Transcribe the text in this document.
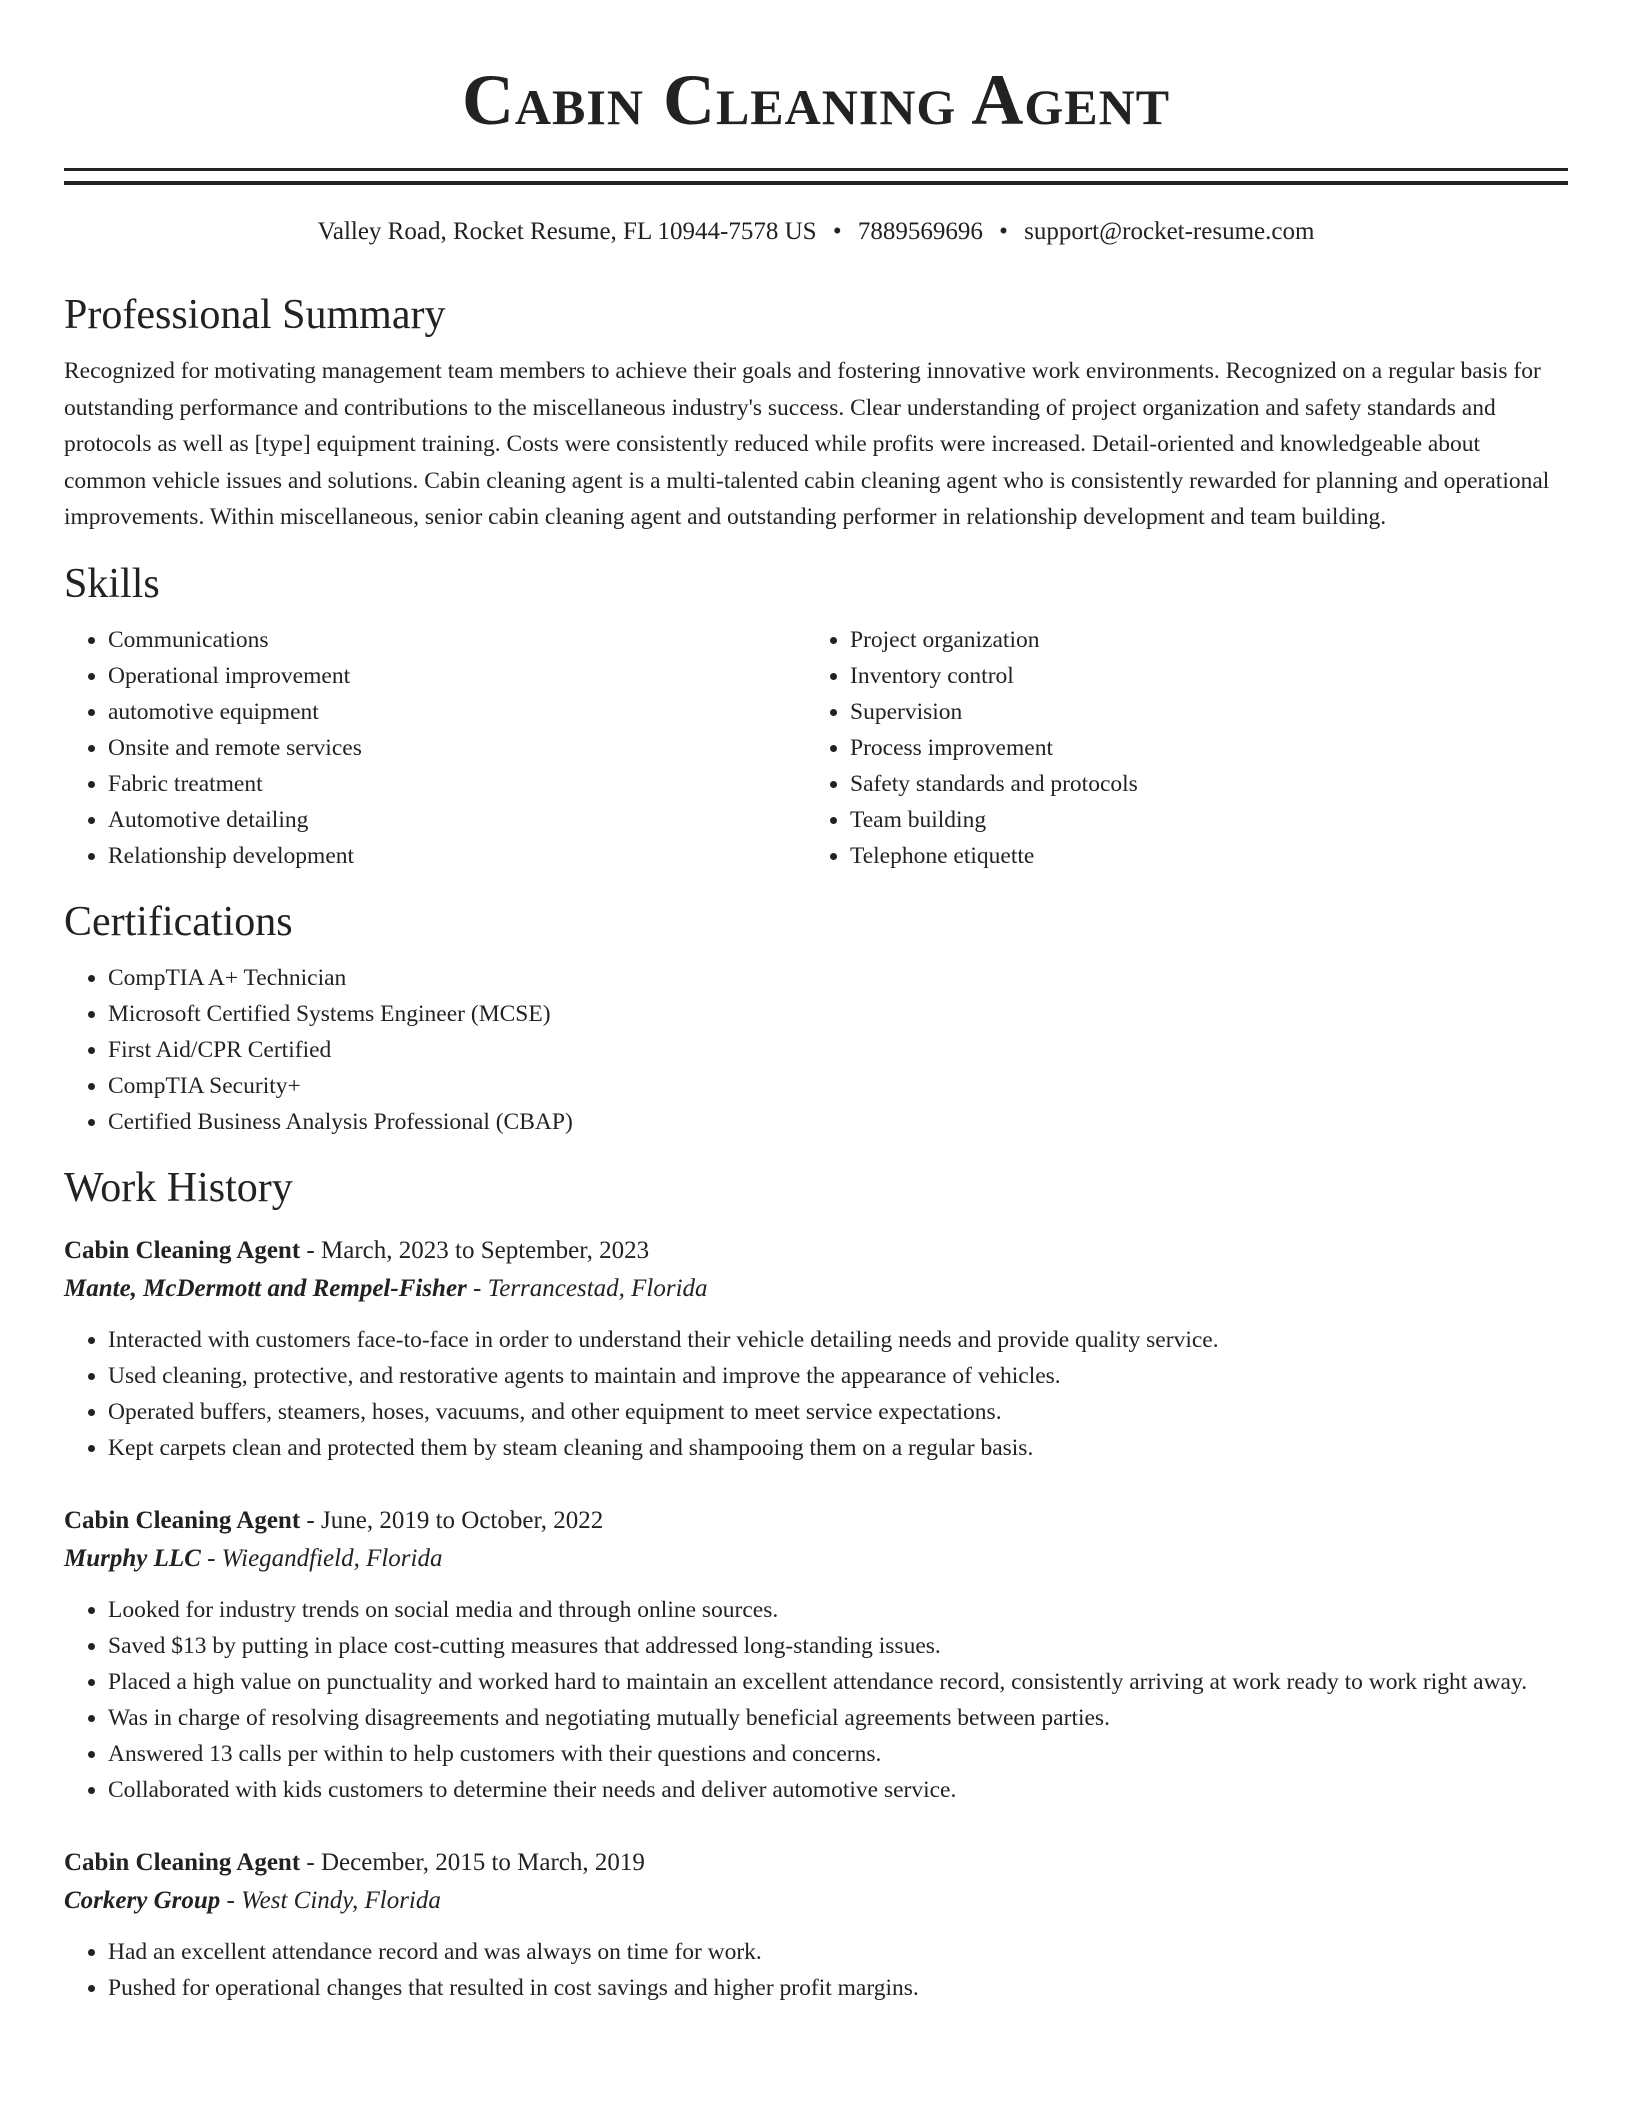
Cabin Cleaning Agent
Valley Road, Rocket Resume, FL 10944-7578 US • 7889569696 • support@rocket-resume.com
Professional Summary

Recognized for motivating management team members to achieve their goals and fostering innovative work environments. Recognized on a regular basis for outstanding performance and contributions to the miscellaneous industry's success. Clear understanding of project organization and safety standards and protocols as well as [type] equipment training. Costs were consistently reduced while profits were increased. Detail-oriented and knowledgeable about common vehicle issues and solutions. Cabin cleaning agent is a multi-talented cabin cleaning agent who is consistently rewarded for planning and operational improvements. Within miscellaneous, senior cabin cleaning agent and outstanding performer in relationship development and team building.

Skills
• Communications
• Operational improvement
• automotive equipment
• Onsite and remote services
• Fabric treatment
• Automotive detailing
• Relationship development
• Project organization
• Inventory control
• Supervision
• Process improvement
• Safety standards and protocols
• Team building
• Telephone etiquette
Certifications
• CompTIA A+ Technician
• Microsoft Certified Systems Engineer (MCSE)
• First Aid/CPR Certified
• CompTIA Security+
• Certified Business Analysis Professional (CBAP)
Work History
Cabin Cleaning Agent - March, 2023 to September, 2023
Mante, McDermott and Rempel-Fisher - Terrancestad, Florida
• Interacted with customers face-to-face in order to understand their vehicle detailing needs and provide quality service.
• Used cleaning, protective, and restorative agents to maintain and improve the appearance of vehicles.
• Operated buffers, steamers, hoses, vacuums, and other equipment to meet service expectations.
• Kept carpets clean and protected them by steam cleaning and shampooing them on a regular basis.
Cabin Cleaning Agent - June, 2019 to October, 2022
Murphy LLC - Wiegandfield, Florida
• Looked for industry trends on social media and through online sources.
• Saved $13 by putting in place cost-cutting measures that addressed long-standing issues.
• Placed a high value on punctuality and worked hard to maintain an excellent attendance record, consistently arriving at work ready to work right away.
• Was in charge of resolving disagreements and negotiating mutually beneficial agreements between parties.
• Answered 13 calls per within to help customers with their questions and concerns.
• Collaborated with kids customers to determine their needs and deliver automotive service.
Cabin Cleaning Agent - December, 2015 to March, 2019
Corkery Group - West Cindy, Florida
• Had an excellent attendance record and was always on time for work.
• Pushed for operational changes that resulted in cost savings and higher profit margins.
